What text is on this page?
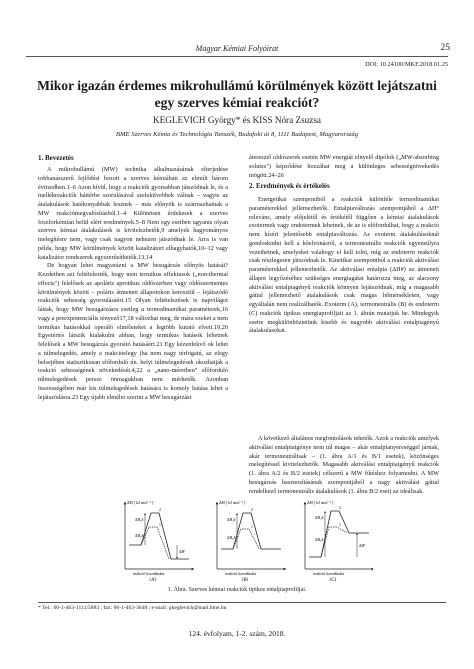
Magyar Kémiai Folyóirat	25
DOI: 10.24100/MKF.2018.01.25
Mikor igazán érdemes mikrohullámú körülmények között lejátszatni egy szerves kémiai reakciót?
KEGLEVICH György* és KISS Nóra Zsuzsa
BME Szerves Kémia és Technológia Tanszék, Budafoki út 8, 1111 Budapest, Magyarország
1. Bevezetés

A mikrohullámú (MW) technika alkalmazásának elterjedése robbanásszerű fejlődést hozott a szerves kémiában az elmúlt három évtizedben.1–6 Azon kívül, hogy a reakciók gyorsabban játszódnak le, és a mellékreakciók háttérbe szorulásával szelektívebbek válnak – vagyis az átalakulások hatékonyabbak lesznek – más előnyök is származhatnak a MW reakciómegvalósításból.1–4 Különösen érdekesek a szerves foszforkémián belül elért eredmények.5–8 Nem egy esetben ugyanis olyan szerves kémiai átalakulások is kivitelezhetők,9 amelyek hagyományos melegítésre nem, vagy csak nagyon nehezen játszódnak le. Arra is van példa, hogy MW körülmények között katalizátort elhagyhatók,10–12 vagy katalizátor rendszerek egyszerűsíthetők.13,14

De hogyan lehet magyarázni a MW besugárzás előnyös hatását? Kezdetben azt feltételezték, hogy nem termikus effektusok („non-thermal effects") felelősek az apoláris aprotikus oldószerben vagy oldószermentes körülmények között – poláris átmeneti állapotokon keresztül – lejátszódó reakciók sebesség gyorsulásáért.15 Olyan feltételezések is napvilágot láttak, hogy MW besugárzásra esetleg a termodinamikai paraméterek,16 vagy a preexponenciális tényező17,18 változhat meg, de mára ezeket a nem termikus hatásokkal operáló elméleteket a legtöbb kutató elveti.19,20 Egyetértés látszik kialakulni abban, hogy termikus hatások lehetnek felelősek a MW besugárzás gyorsító hatásáért.21 Egy kézenfekvő ok lehet a túlmelegedés, amely a reakcióelegy (ha nem nagy térfogatú, az elegy belsejében statisztikusan előforduló ún. helyi túlmelegedések okozhatják a reakció sebességének növekedését.4,22 a „nano-méretben" előforduló túlmelegedések persze önmagukban nem mérhetők. Azonban összességében már kis túlmelegedések hatására is komoly hatása lehet a lejátszódásra.23 Egy újabb elmélet szerint a MW besugárzást

áteresztő oldószerek esetén MW energiát elnyelő dipólok („MW-absorbing solutes") képződése hozzáhat meg a különleges sebességnövekedés mögött.24–26

2. Eredmények és értékelés

Energetikai szempontból a reakciók különféle termodinamikai paraméterekkel jellemezhetők. Entalpiaváltozás szempontjából a ΔH° releváns, amely előjelétől és értékétől függően a kémiai átalakulások exotermek vagy endotermek lehetnek, de az is előfordulhat, hogy a reakció nem kíséri jelentősebb entalpiaváltozás. Az exoterm átalakulásoknál gondoskodni kell a hőelvonásról, a termoneutrális reakciók egyensúlyra vezethetnek, amelyeket valahogy el kell tolni, míg az endoterm reakciók csak részlegesen játszódnak le. Kinetikai szempontból a reakciók aktiválási paraméterekkel jellemezhetők. Az aktiválási entalpia (ΔH#) az átmeneti állapot legyőzéséhez szükséges energiagátat határozza meg, az alacsony aktiválási entalpiagényű reakciók könnyen lejátszódnak, míg a magasabb gáttal jellemezhető átalakulások csak magas hőmérsékleten, vagy egyáltalán nem realizálhatók. Exoterm (A), termoneutrális (B) és endoterm (C) reakciók tipikus energiaprofiljait az 1. ábrán mutatjuk be. Mindegyik esetre megkülönböztetünk kisebb és nagyobb aktiválási entalpiagényű átalakulásokat.

A következő általános megfontolások tehetők. Azok a reakciók amelyek aktiválási entalpiaigénye nem túl magas – akár entalpianyereséggel járnak, akár termoneutrálisak – (1. ábra A/1 és B/1 esetek), közönséges melegítéssel kivitelezhetők. Magasabb aktiválási entalpiaigényű reakciók (1. ábra A/2 és B/2 esetek) célszerű a MW fűtéshez folyamodni. A MW besugárzás hasznosításának szempontjából a nagy aktiválási gáttal rendelkező termoneutrális átalakulások (1. ábra B/2 eset) az ideálisak.

ΔH [ kJ mol⁻¹ ]
reakció koordináta
(A)
ΔH₂#
ΔH₁#
2
1
ΔH°
ΔH [ kJ mol⁻¹ ]
reakció koordináta
(B)
ΔH₂#
ΔH₁#
2
1
ΔH [ kJ mol⁻¹ ]
reakció koordináta
(C)
ΔH₂#
ΔH₁#
2
1
ΔH°
1. Ábra. Szerves kémiai reakciók tipikus entalpiaprofiljai.
* Tel.: 06-1-463-1111/5883 ; fax: 06-1-463-3648 ; e-mail: gkeglevich@mail.bme.hu
124. évfolyam, 1-2. szám, 2018.
